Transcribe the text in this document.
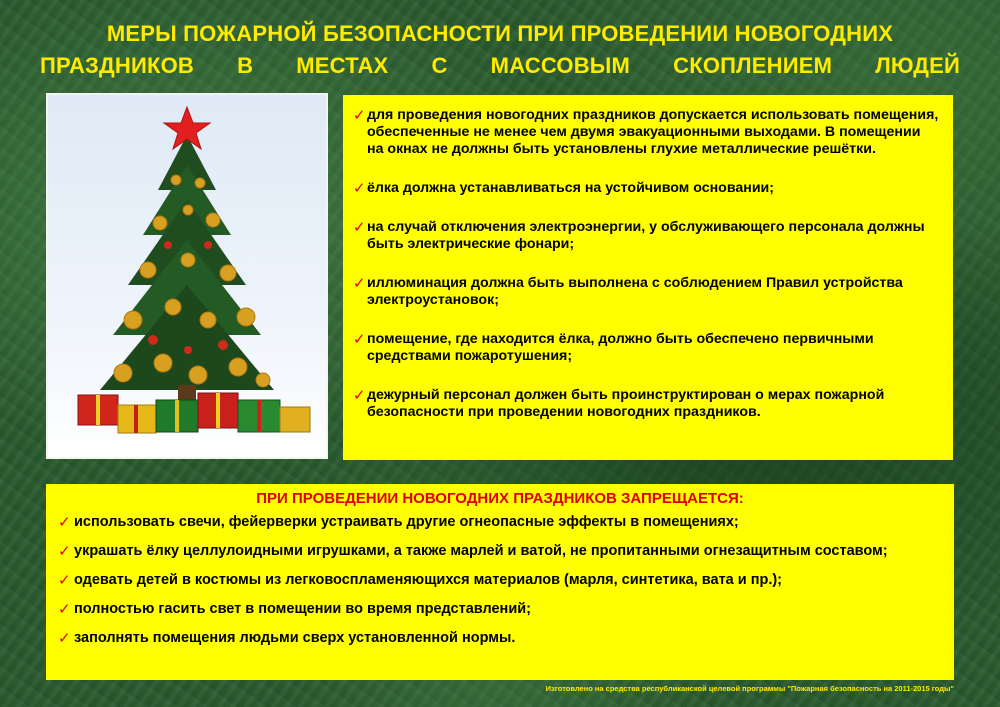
МЕРЫ ПОЖАРНОЙ БЕЗОПАСНОСТИ ПРИ ПРОВЕДЕНИИ НОВОГОДНИХ
ПРАЗДНИКОВ В МЕСТАХ С МАССОВЫМ СКОПЛЕНИЕМ ЛЮДЕЙ
✓ для проведения новогодних праздников допускается использовать помещения, обеспеченные не менее чем двумя эвакуационными выходами. В помещении на окнах не должны быть установлены глухие металлические решётки.
✓ ёлка должна устанавливаться на устойчивом основании;
✓ на случай отключения электроэнергии, у обслуживающего персонала должны быть электрические фонари;
✓ иллюминация должна быть выполнена с соблюдением Правил устройства электроустановок;
✓ помещение, где находится ёлка, должно быть обеспечено первичными средствами пожаротушения;
✓ дежурный персонал должен быть проинструктирован о мерах пожарной безопасности при проведении новогодних праздников.
ПРИ ПРОВЕДЕНИИ НОВОГОДНИХ ПРАЗДНИКОВ ЗАПРЕЩАЕТСЯ:
✓ использовать свечи, фейерверки устраивать другие огнеопасные эффекты в помещениях;
✓ украшать ёлку целлулоидными игрушками, а также марлей и ватой, не пропитанными огнезащитным составом;
✓ одевать детей в костюмы из легковоспламеняющихся материалов (марля, синтетика, вата и пр.);
✓ полностью гасить свет в помещении во время представлений;
✓ заполнять помещения людьми сверх установленной нормы.
Изготовлено на средства республиканской целевой программы "Пожарная безопасность на 2011-2015 годы"
